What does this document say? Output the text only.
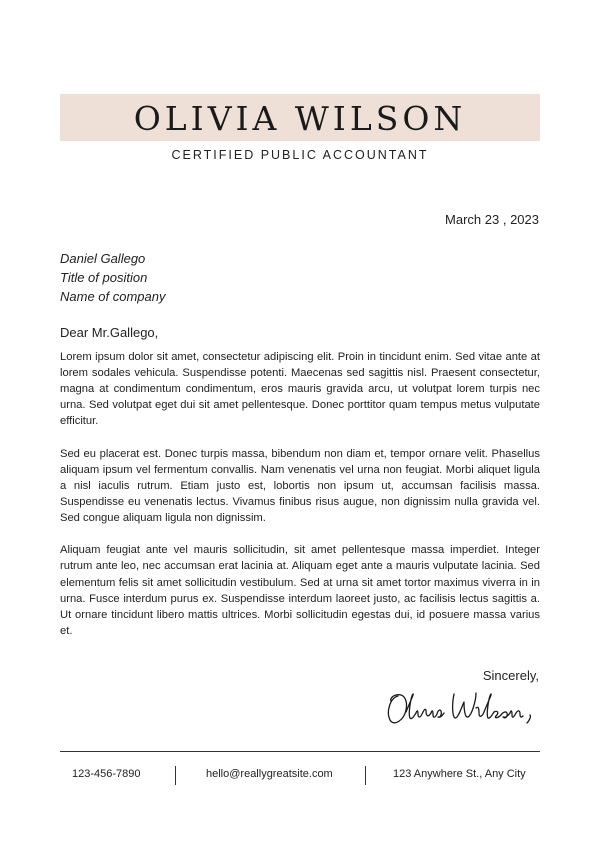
OLIVIA WILSON
CERTIFIED PUBLIC ACCOUNTANT
March 23 , 2023
Daniel Gallego
Title of position
Name of company
Dear Mr.Gallego,

Lorem ipsum dolor sit amet, consectetur adipiscing elit. Proin in tincidunt enim. Sed vitae ante at lorem sodales vehicula. Suspendisse potenti. Maecenas sed sagittis nisl. Praesent consectetur, magna at condimentum condimentum, eros mauris gravida arcu, ut volutpat lorem turpis nec urna. Sed volutpat eget dui sit amet pellentesque. Donec porttitor quam tempus metus vulputate efficitur.

Sed eu placerat est. Donec turpis massa, bibendum non diam et, tempor ornare velit. Phasellus aliquam ipsum vel fermentum convallis. Nam venenatis vel urna non feugiat. Morbi aliquet ligula a nisl iaculis rutrum. Etiam justo est, lobortis non ipsum ut, accumsan facilisis massa. Suspendisse eu venenatis lectus. Vivamus finibus risus augue, non dignissim nulla gravida vel. Sed congue aliquam ligula non dignissim.

Aliquam feugiat ante vel mauris sollicitudin, sit amet pellentesque massa imperdiet. Integer rutrum ante leo, nec accumsan erat lacinia at. Aliquam eget ante a mauris vulputate lacinia. Sed elementum felis sit amet sollicitudin vestibulum. Sed at urna sit amet tortor maximus viverra in in urna. Fusce interdum purus ex. Suspendisse interdum laoreet justo, ac facilisis lectus sagittis a. Ut ornare tincidunt libero mattis ultrices. Morbi sollicitudin egestas dui, id posuere massa varius et.

Sincerely,
123-456-7890	hello@reallygreatsite.com	123 Anywhere St., Any City
